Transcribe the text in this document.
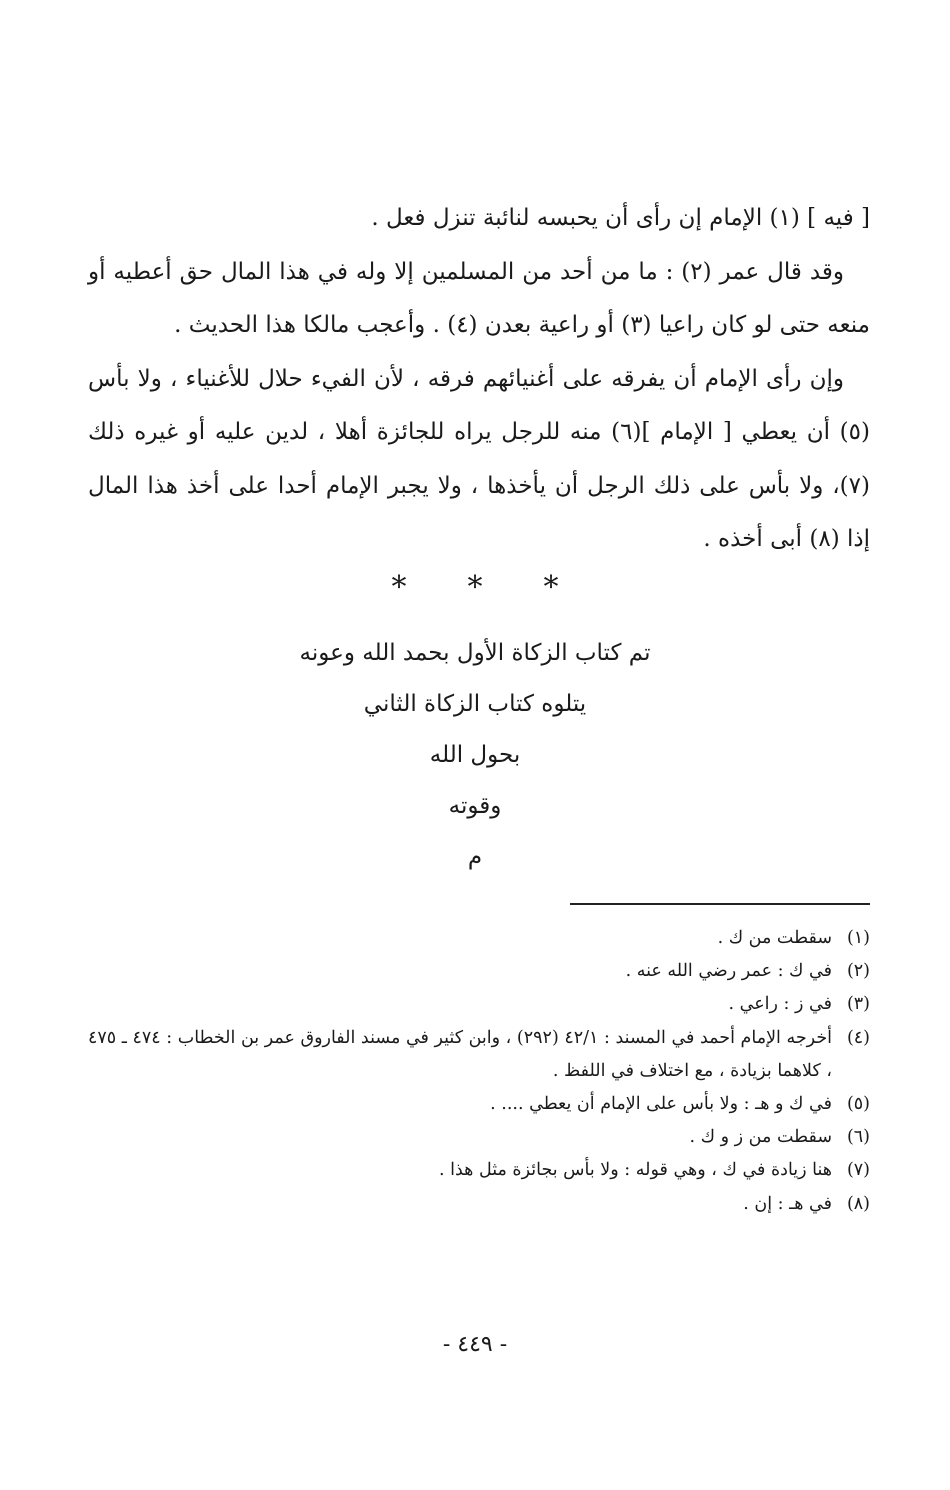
[ فيه ] (١) الإمام إن رأى أن يحبسه لنائبة تنزل فعل .

وقد قال عمر (٢) : ما من أحد من المسلمين إلا وله في هذا المال حق أعطيه أو منعه حتى لو كان راعيا (٣) أو راعية بعدن (٤) . وأعجب مالكا هذا الحديث .

وإن رأى الإمام أن يفرقه على أغنيائهم فرقه ، لأن الفيء حلال للأغنياء ، ولا بأس (٥) أن يعطي [ الإمام ](٦) منه للرجل يراه للجائزة أهلا ، لدين عليه أو غيره ذلك (٧)، ولا بأس على ذلك الرجل أن يأخذها ، ولا يجبر الإمام أحدا على أخذ هذا المال إذا (٨) أبى أخذه .

* * *
تم كتاب الزكاة الأول بحمد الله وعونه
يتلوه كتاب الزكاة الثاني
بحول الله
وقوته
م
(١)
سقطت من ك .
(٢)
في ك : عمر رضي الله عنه .
(٣)
في ز : راعي .
(٤)
أخرجه الإمام أحمد في المسند : ٤٢/١ (٢٩٢) ، وابن كثير في مسند الفاروق عمر بن الخطاب : ٤٧٤ ـ ٤٧٥ ، كلاهما بزيادة ، مع اختلاف في اللفظ .
(٥)
في ك و هـ : ولا بأس على الإمام أن يعطي .... .
(٦)
سقطت من ز و ك .
(٧)
هنا زيادة في ك ، وهي قوله : ولا بأس بجائزة مثل هذا .
(٨)
في هـ : إن .
- ٤٤٩ -
